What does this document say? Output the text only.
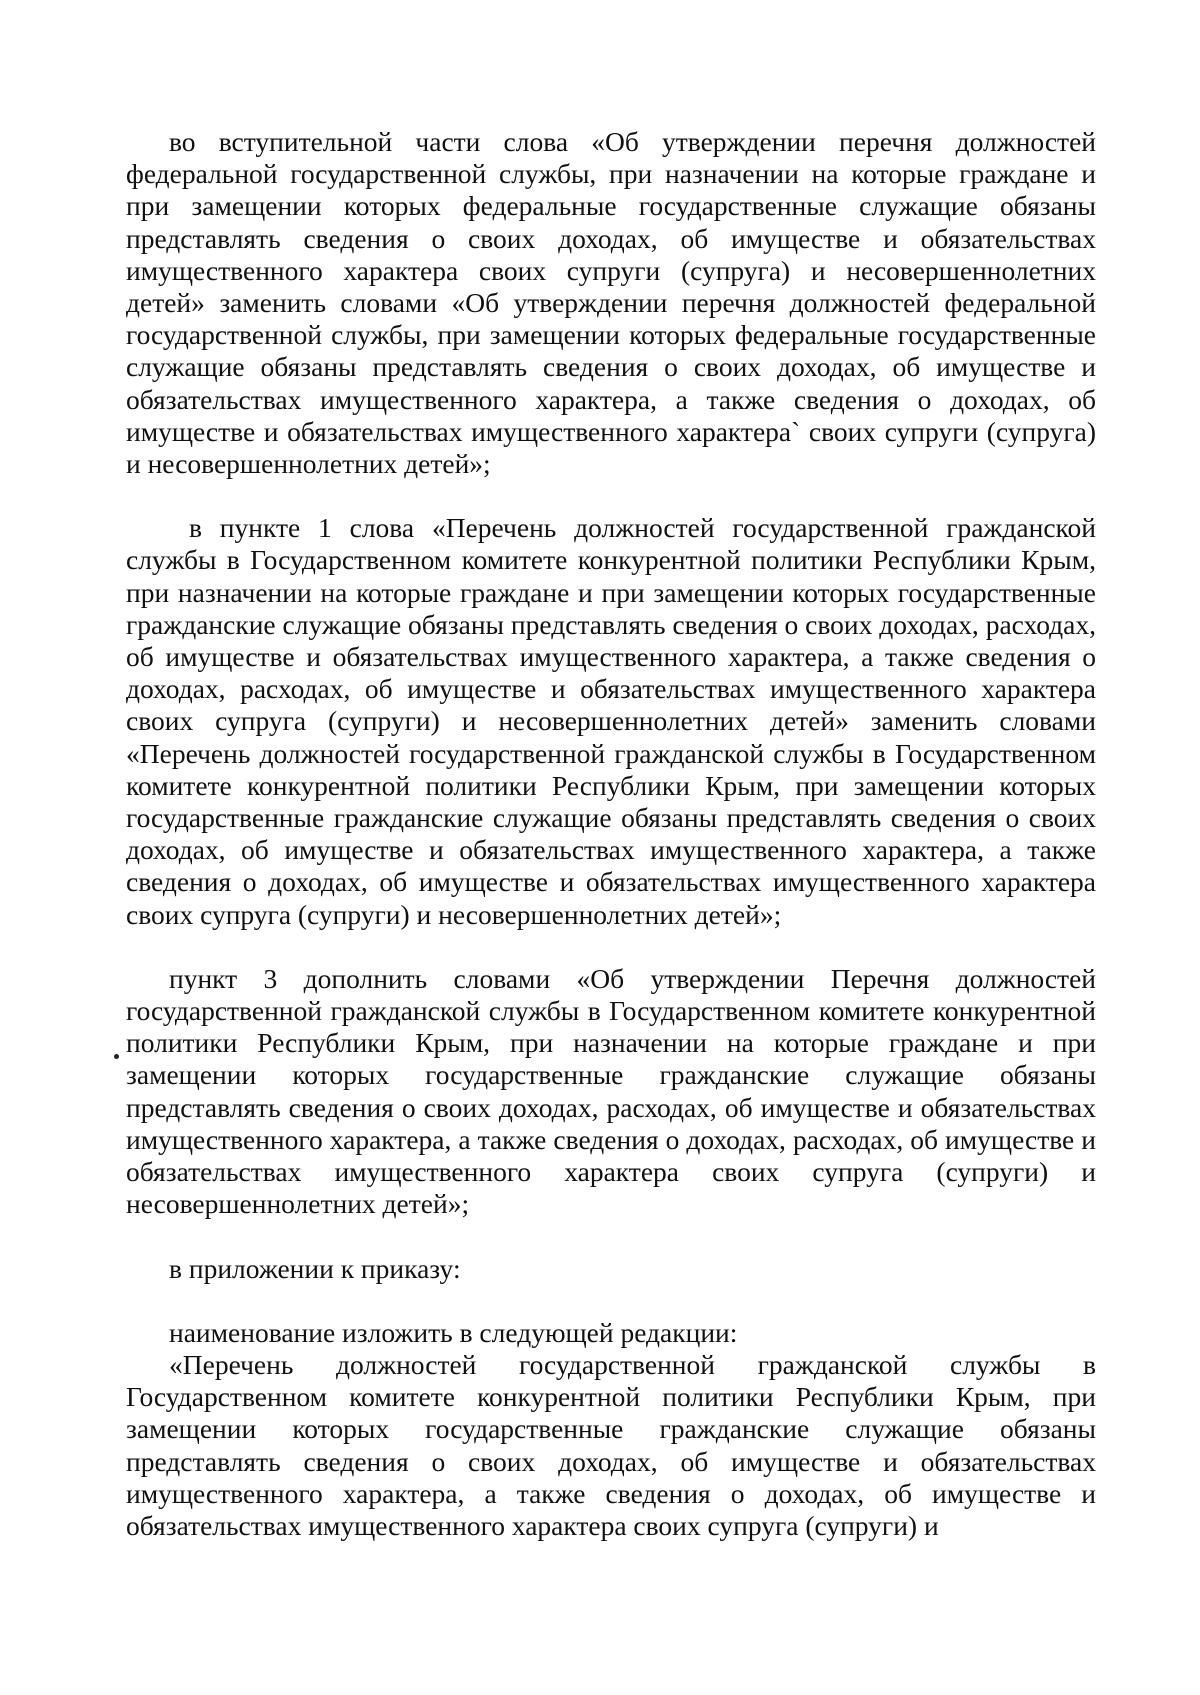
во вступительной части слова «Об утверждении перечня должностей федеральной государственной службы, при назначении на которые граждане и при замещении которых федеральные государственные служащие обязаны представлять сведения о своих доходах, об имуществе и обязательствах имущественного характера своих супруги (супруга) и несовершеннолетних детей» заменить словами «Об утверждении перечня должностей федеральной государственной службы, при замещении которых федеральные государственные служащие обязаны представлять сведения о своих доходах, об имуществе и обязательствах имущественного характера, а также сведения о доходах, об имуществе и обязательствах имущественного характера` своих супруги (супруга) и несовершеннолетних детей»;

в пункте 1 слова «Перечень должностей государственной гражданской службы в Государственном комитете конкурентной политики Республики Крым, при назначении на которые граждане и при замещении которых государственные гражданские служащие обязаны представлять сведения о своих доходах, расходах, об имуществе и обязательствах имущественного характера, а также сведения о доходах, расходах, об имуществе и обязательствах имущественного характера своих супруга (супруги) и несовершеннолетних детей» заменить словами «Перечень должностей государственной гражданской службы в Государственном комитете конкурентной политики Республики Крым, при замещении которых государственные гражданские служащие обязаны представлять сведения о своих доходах, об имуществе и обязательствах имущественного характера, а также сведения о доходах, об имуществе и обязательствах имущественного характера своих супруга (супруги) и несовершеннолетних детей»;

пункт 3 дополнить словами «Об утверждении Перечня должностей государственной гражданской службы в Государственном комитете конкурентной политики Республики Крым, при назначении на которые граждане и при замещении которых государственные гражданские служащие обязаны представлять сведения о своих доходах, расходах, об имуществе и обязательствах имущественного характера, а также сведения о доходах, расходах, об имуществе и обязательствах имущественного характера своих супруга (супруги) и несовершеннолетних детей»;

в приложении к приказу:

наименование изложить в следующей редакции:

«Перечень должностей государственной гражданской службы в Государственном комитете конкурентной политики Республики Крым, при замещении которых государственные гражданские служащие обязаны представлять сведения о своих доходах, об имуществе и обязательствах имущественного характера, а также сведения о доходах, об имуществе и обязательствах имущественного характера своих супруга (супруги) и
